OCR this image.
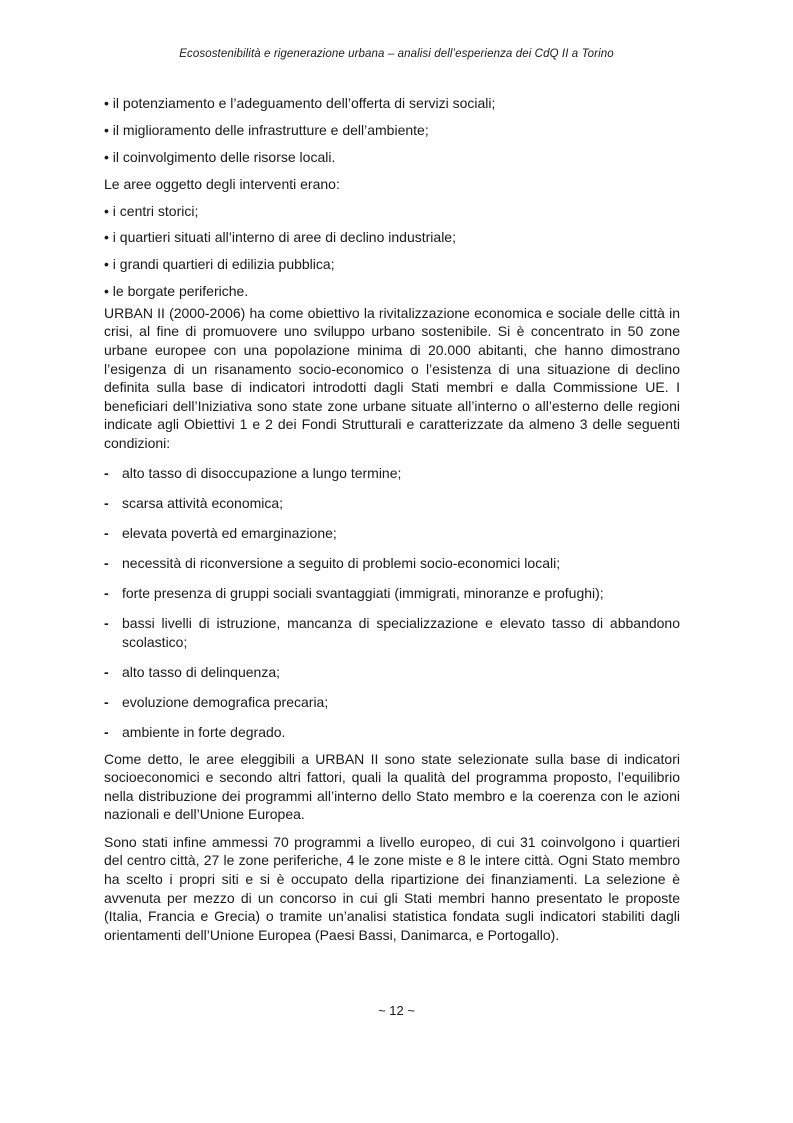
Ecosostenibilità e rigenerazione urbana – analisi dell’esperienza dei CdQ II a Torino
• il potenziamento e l’adeguamento dell’offerta di servizi sociali;
• il miglioramento delle infrastrutture e dell’ambiente;
• il coinvolgimento delle risorse locali.
Le aree oggetto degli interventi erano:
• i centri storici;
• i quartieri situati all’interno di aree di declino industriale;
• i grandi quartieri di edilizia pubblica;
• le borgate periferiche.
URBAN II (2000-2006) ha come obiettivo la rivitalizzazione economica e sociale delle città in crisi, al fine di promuovere uno sviluppo urbano sostenibile. Si è concentrato in 50 zone urbane europee con una popolazione minima di 20.000 abitanti, che hanno dimostrano l’esigenza di un risanamento socio-economico o l’esistenza di una situazione di declino definita sulla base di indicatori introdotti dagli Stati membri e dalla Commissione UE. I beneficiari dell’Iniziativa sono state zone urbane situate all’interno o all’esterno delle regioni indicate agli Obiettivi 1 e 2 dei Fondi Strutturali e caratterizzate da almeno 3 delle seguenti condizioni:
- alto tasso di disoccupazione a lungo termine;
- scarsa attività economica;
- elevata povertà ed emarginazione;
- necessità di riconversione a seguito di problemi socio-economici locali;
- forte presenza di gruppi sociali svantaggiati (immigrati, minoranze e profughi);
- bassi livelli di istruzione, mancanza di specializzazione e elevato tasso di abbandono scolastico;
- alto tasso di delinquenza;
- evoluzione demografica precaria;
- ambiente in forte degrado.
Come detto, le aree eleggibili a URBAN II sono state selezionate sulla base di indicatori socioeconomici e secondo altri fattori, quali la qualità del programma proposto, l’equilibrio nella distribuzione dei programmi all’interno dello Stato membro e la coerenza con le azioni nazionali e dell’Unione Europea.
Sono stati infine ammessi 70 programmi a livello europeo, di cui 31 coinvolgono i quartieri del centro città, 27 le zone periferiche, 4 le zone miste e 8 le intere città. Ogni Stato membro ha scelto i propri siti e si è occupato della ripartizione dei finanziamenti. La selezione è avvenuta per mezzo di un concorso in cui gli Stati membri hanno presentato le proposte (Italia, Francia e Grecia) o tramite un’analisi statistica fondata sugli indicatori stabiliti dagli orientamenti dell’Unione Europea (Paesi Bassi, Danimarca, e Portogallo).
~ 12 ~
